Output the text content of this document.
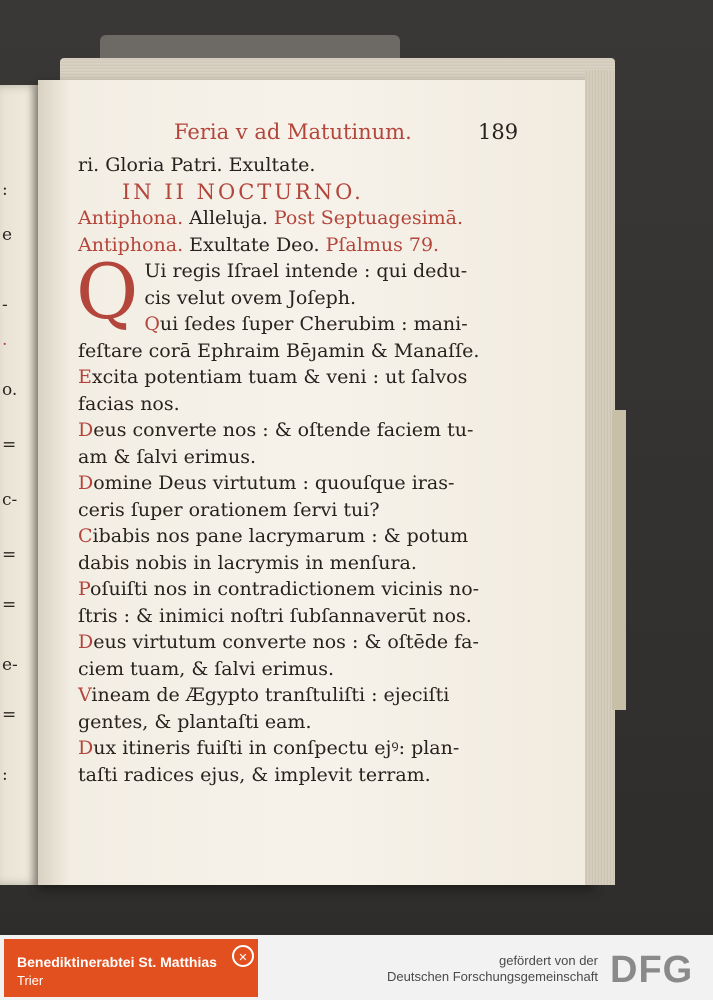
:
e
-
.
o.
=
c-
=
=
e-
=
:
Feria v ad Matutinum.	189
ri. Gloria Patri. Exultate.
IN II NOCTURNO.
Antiphona. Alleluja. Post Septuagesimā.
Antiphona. Exultate Deo. Pſalmus 79.
Q Ui regis Iſrael intende : qui dedu-
cis velut ovem Joſeph.
Qui ſedes ſuper Cherubim : mani-
feſtare corā Ephraim Bēȷamin & Manaſſe.
Excita potentiam tuam & veni : ut ſalvos
facias nos.
Deus converte nos : & oſtende faciem tu-
am & ſalvi erimus.
Domine Deus virtutum : quouſque iras-
ceris ſuper orationem ſervi tui?
Cibabis nos pane lacrymarum : & potum
dabis nobis in lacrymis in menſura.
Poſuiſti nos in contradictionem vicinis no-
ſtris : & inimici noſtri ſubſannaverūt nos.
Deus virtutum converte nos : & oſtēde fa-
ciem tuam, & ſalvi erimus.
Vineam de Ægypto tranſtuliſti : ejeciſti
gentes, & plantaſti eam.
Dux itineris fuiſti in conſpectu ejꝰ: plan-
taſti radices ejus, & implevit terram.
Benediktinerabtei St. Matthias
Trier
✕	gefördert von der
Deutschen Forschungsgemeinschaft DFG
